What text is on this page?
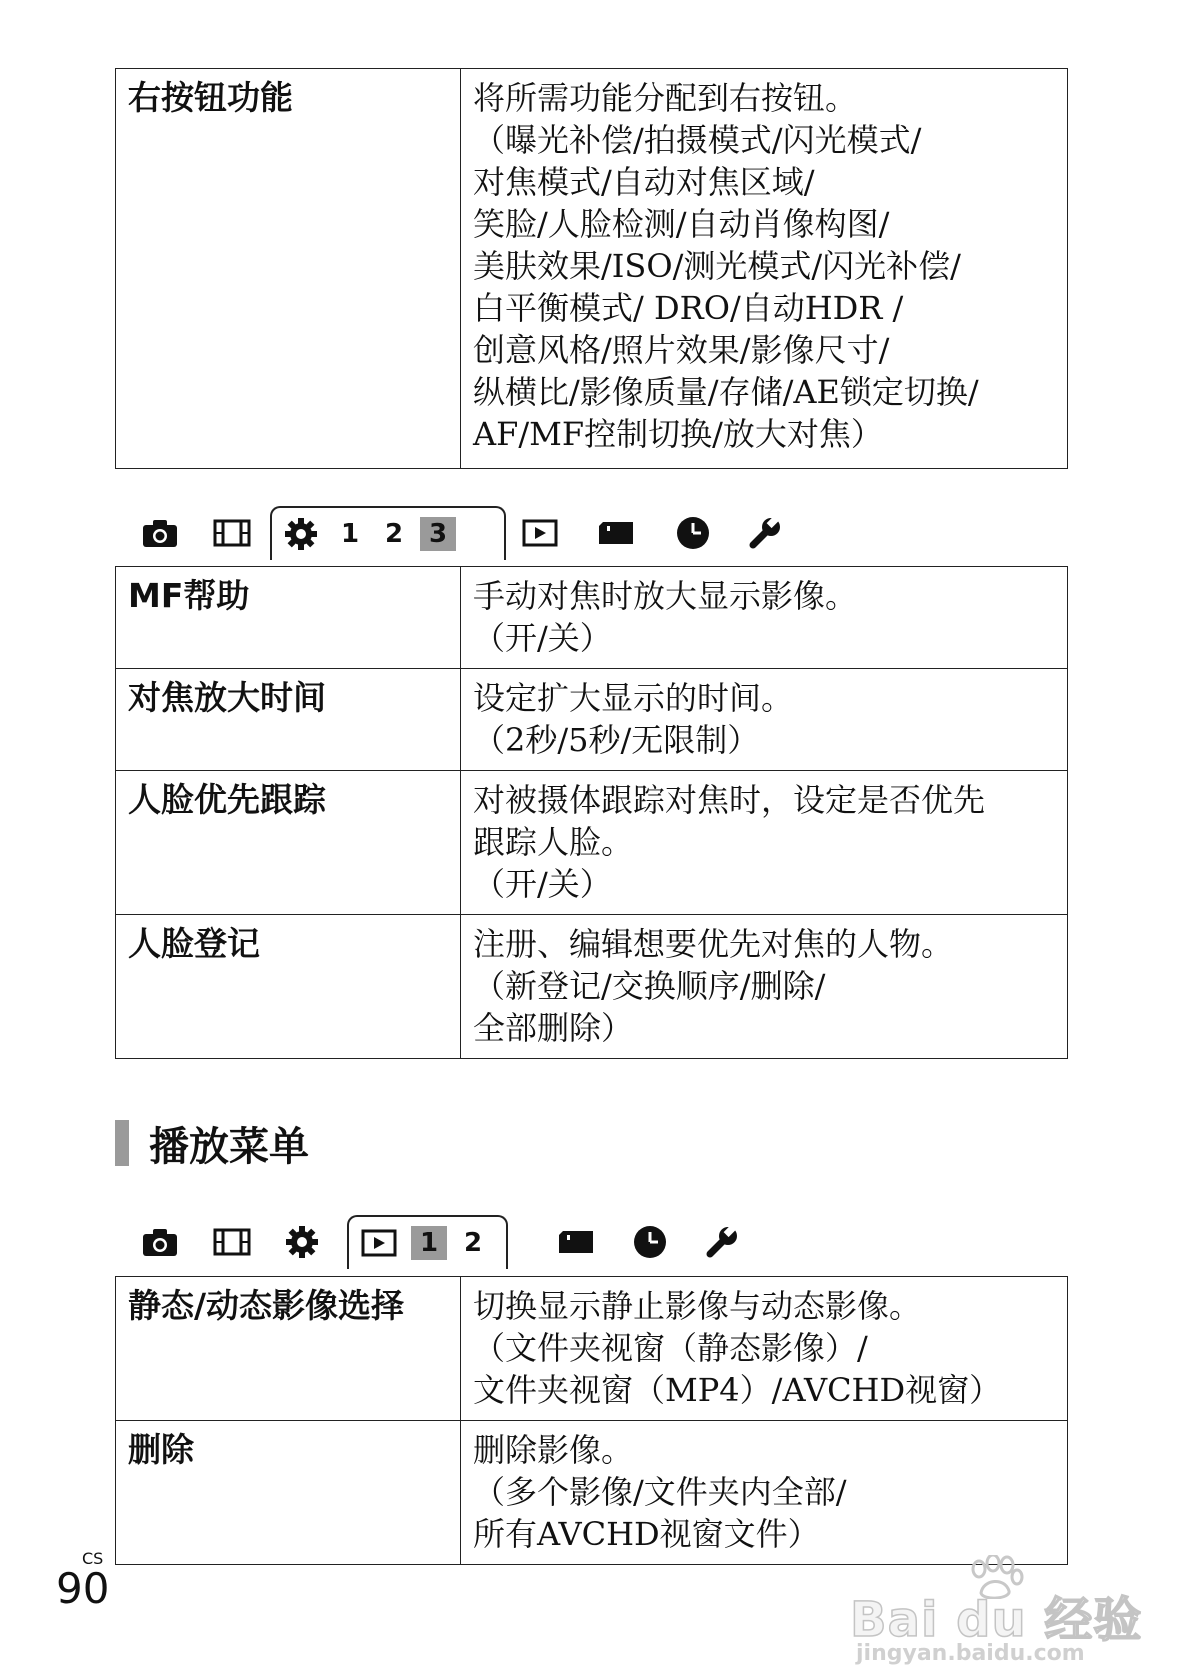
右按钮功能	将所需功能分配到右按钮。
（曝光补偿/拍摄模式/闪光模式/
对焦模式/自动对焦区域/
笑脸/人脸检测/自动肖像构图/
美肤效果/ISO/测光模式/闪光补偿/
白平衡模式/ DRO/自动HDR /
创意风格/照片效果/影像尺寸/
纵横比/影像质量/存储/AE锁定切换/
AF/MF控制切换/放大对焦）
1 2 3
MF帮助	手动对焦时放大显示影像。
（开/关）
对焦放大时间	设定扩大显示的时间。
（2秒/5秒/无限制）
人脸优先跟踪	对被摄体跟踪对焦时，设定是否优先
跟踪人脸。
（开/关）
人脸登记	注册、编辑想要优先对焦的人物。
（新登记/交换顺序/删除/
全部删除）
播放菜单
1 2
静态/动态影像选择	切换显示静止影像与动态影像。
（文件夹视窗（静态影像）/
文件夹视窗（MP4）/AVCHD视窗）
删除	删除影像。
（多个影像/文件夹内全部/
所有AVCHD视窗文件）
CS
90
Bai du 经验
jingyan.baidu.com
